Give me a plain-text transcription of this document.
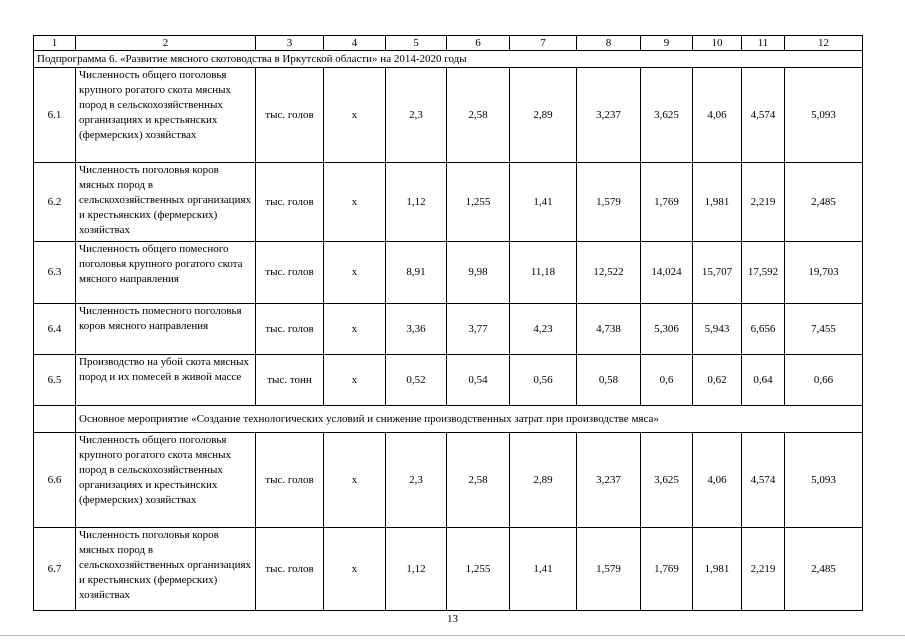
1	2	3	4	5	6	7	8	9	10	11	12
Подпрограмма 6. «Развитие мясного скотоводства в Иркутской области» на 2014-2020 годы											
6.1	Численность общего поголовья крупного рогатого скота мясных пород в сельскохозяйственных организациях и крестьянских (фермерских) хозяйствах	тыс. голов	x	2,3	2,58	2,89	3,237	3,625	4,06	4,574	5,093
6.2	Численность поголовья коров мясных пород в сельскохозяйственных организациях и крестьянских (фермерских) хозяйствах	тыс. голов	x	1,12	1,255	1,41	1,579	1,769	1,981	2,219	2,485
6.3	Численность общего помесного поголовья крупного рогатого скота мясного направления	тыс. голов	x	8,91	9,98	11,18	12,522	14,024	15,707	17,592	19,703
6.4	Численность помесного поголовья коров мясного направления	тыс. голов	x	3,36	3,77	4,23	4,738	5,306	5,943	6,656	7,455
6.5	Производство на убой скота мясных пород и их помесей в живой массе	тыс. тонн	x	0,52	0,54	0,56	0,58	0,6	0,62	0,64	0,66
	Основное мероприятие «Создание технологических условий и снижение производственных затрат при производстве мяса»										
6.6	Численность общего поголовья крупного рогатого скота мясных пород в сельскохозяйственных организациях и крестьянских (фермерских) хозяйствах	тыс. голов	x	2,3	2,58	2,89	3,237	3,625	4,06	4,574	5,093
6.7	Численность поголовья коров мясных пород в сельскохозяйственных организациях и крестьянских (фермерских) хозяйствах	тыс. голов	x	1,12	1,255	1,41	1,579	1,769	1,981	2,219	2,485
13
